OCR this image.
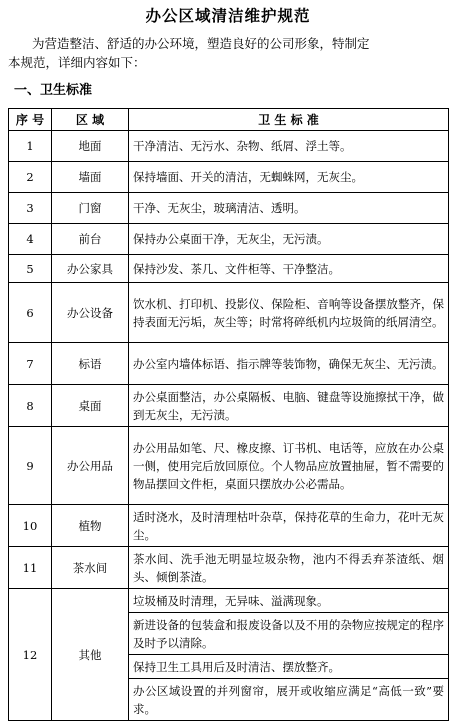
办公区域清洁维护规范
为营造整洁、舒适的办公环境，塑造良好的公司形象，特制定
本规范，详细内容如下：
一、卫生标准
序 号	区 域	卫 生 标 准
1	地面	干净清洁、无污水、杂物、纸屑、浮土等。
2	墙面	保持墙面、开关的清洁，无蜘蛛网，无灰尘。
3	门窗	干净、无灰尘，玻璃清洁、透明。
4	前台	保持办公桌面干净，无灰尘，无污渍。
5	办公家具	保持沙发、茶几、文件柜等、干净整洁。
6	办公设备	饮水机、打印机、投影仪、保险柜、音响等设备摆放整齐，保持表面无污垢，灰尘等；时常将碎纸机内垃圾筒的纸屑清空。
7	标语	办公室内墙体标语、指示牌等装饰物，确保无灰尘、无污渍。
8	桌面	办公桌面整洁，办公桌隔板、电脑、键盘等设施擦拭干净，做到无灰尘，无污渍。
9	办公用品	办公用品如笔、尺、橡皮擦、订书机、电话等，应放在办公桌一侧，使用完后放回原位。个人物品应放置抽屉，暂不需要的物品摆回文件柜，桌面只摆放办公必需品。
10	植物	适时浇水，及时清理枯叶杂草，保持花草的生命力，花叶无灰尘。
11	茶水间	茶水间、洗手池无明显垃圾杂物，池内不得丢弃茶渣纸、烟头、倾倒茶渣。
12	其他	垃圾桶及时清理，无异味、溢满现象。
		新进设备的包装盒和报废设备以及不用的杂物应按规定的程序及时予以清除。
		保持卫生工具用后及时清洁、摆放整齐。
		办公区域设置的并列窗帘，展开或收缩应满足“高低一致”要求。
